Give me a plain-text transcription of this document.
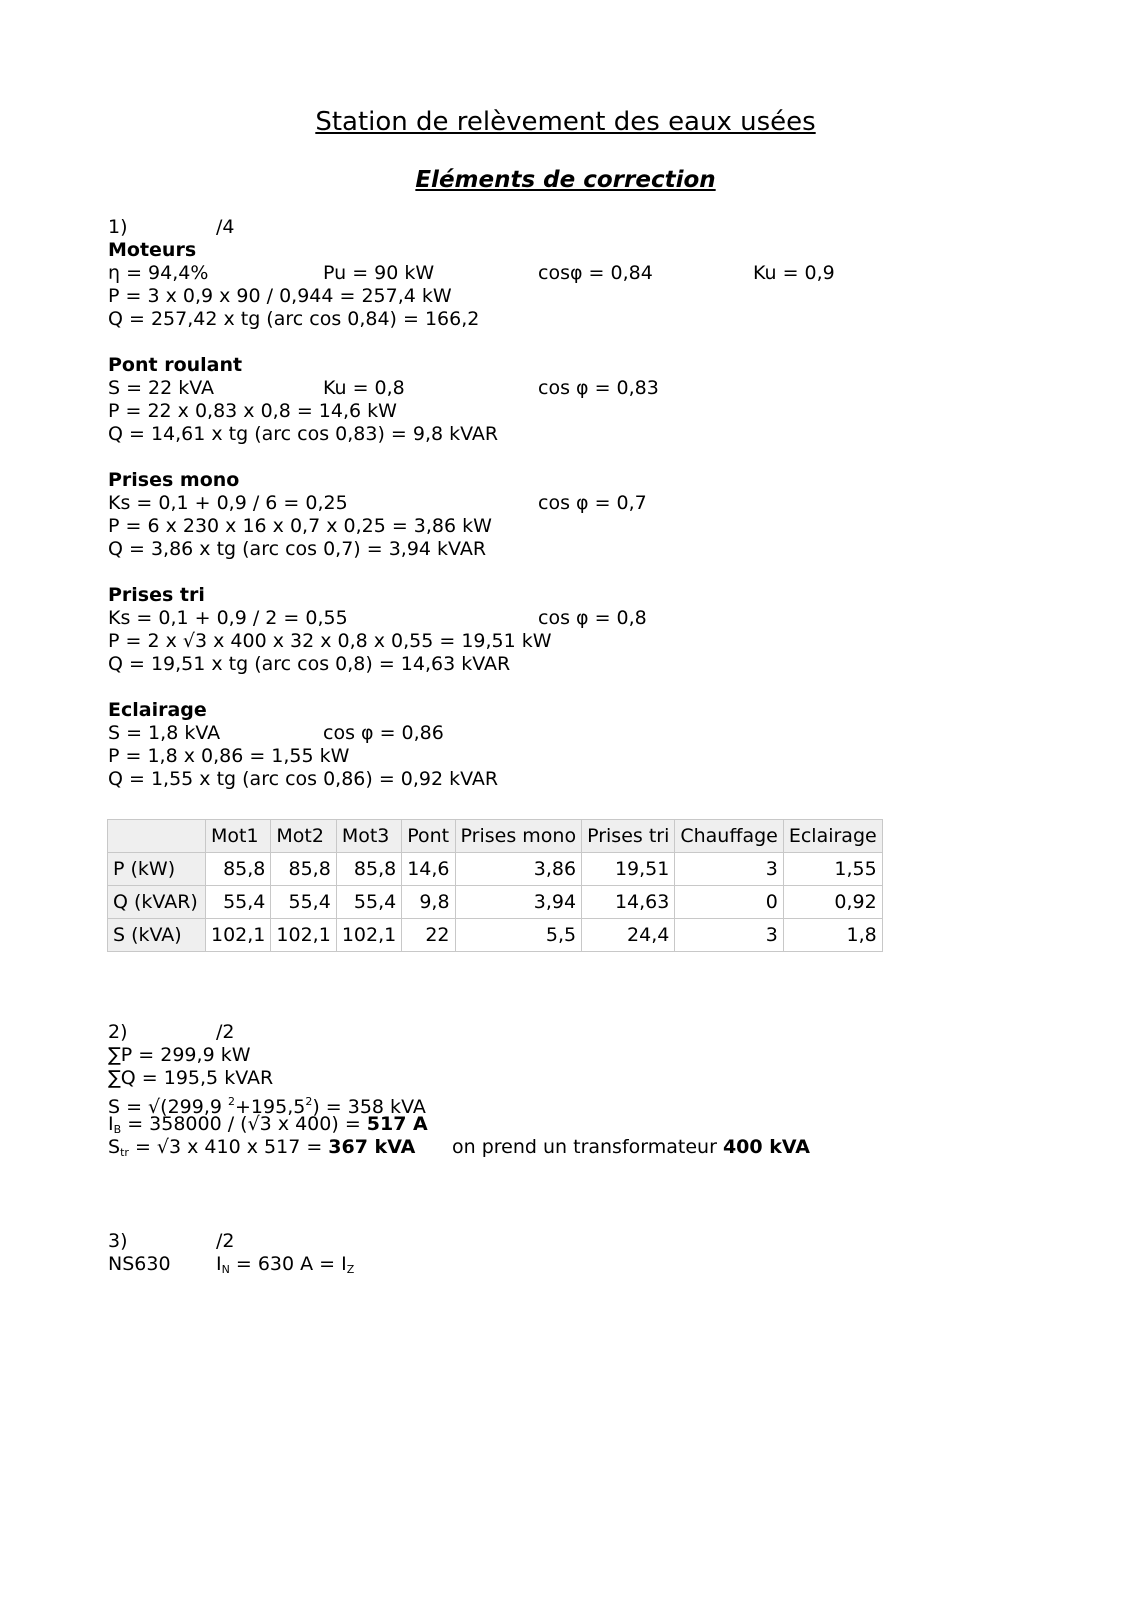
Station de relèvement des eaux usées
Eléments de correction
1)	/4
Moteurs
η = 94,4%	Pu = 90 kW	cosφ = 0,84	Ku = 0,9
P = 3 x 0,9 x 90 / 0,944 = 257,4 kW
Q = 257,42 x tg (arc cos 0,84) = 166,2
Pont roulant
S = 22 kVA	Ku = 0,8	cos φ = 0,83
P = 22 x 0,83 x 0,8 = 14,6 kW
Q = 14,61 x tg (arc cos 0,83) = 9,8 kVAR
Prises mono
Ks = 0,1 + 0,9 / 6 = 0,25	cos φ = 0,7
P = 6 x 230 x 16 x 0,7 x 0,25 = 3,86 kW
Q = 3,86 x tg (arc cos 0,7) = 3,94 kVAR
Prises tri
Ks = 0,1 + 0,9 / 2 = 0,55	cos φ = 0,8
P = 2 x √3 x 400 x 32 x 0,8 x 0,55 = 19,51 kW
Q = 19,51 x tg (arc cos 0,8) = 14,63 kVAR
Eclairage
S = 1,8 kVA	cos φ = 0,86
P = 1,8 x 0,86 = 1,55 kW
Q = 1,55 x tg (arc cos 0,86) = 0,92 kVAR
	Mot1	Mot2	Mot3	Pont	Prises mono	Prises tri	Chauffage	Eclairage
P (kW)	85,8	85,8	85,8	14,6	3,86	19,51	3	1,55
Q (kVAR)	55,4	55,4	55,4	9,8	3,94	14,63	0	0,92
S (kVA)	102,1	102,1	102,1	22	5,5	24,4	3	1,8
2)	/2
∑P = 299,9 kW
∑Q = 195,5 kVAR
S = √(299,9 $^2+195,5^2) = 358$ kVA
$I_B = 358000 / (√3$ x 400) = 517 A
$S_{tr} = √3$ x 410 x 517 = 367 kVA on prend un transformateur 400 kVA
3)	/2
NS630 $I_N = 630$ $A = I_Z$
